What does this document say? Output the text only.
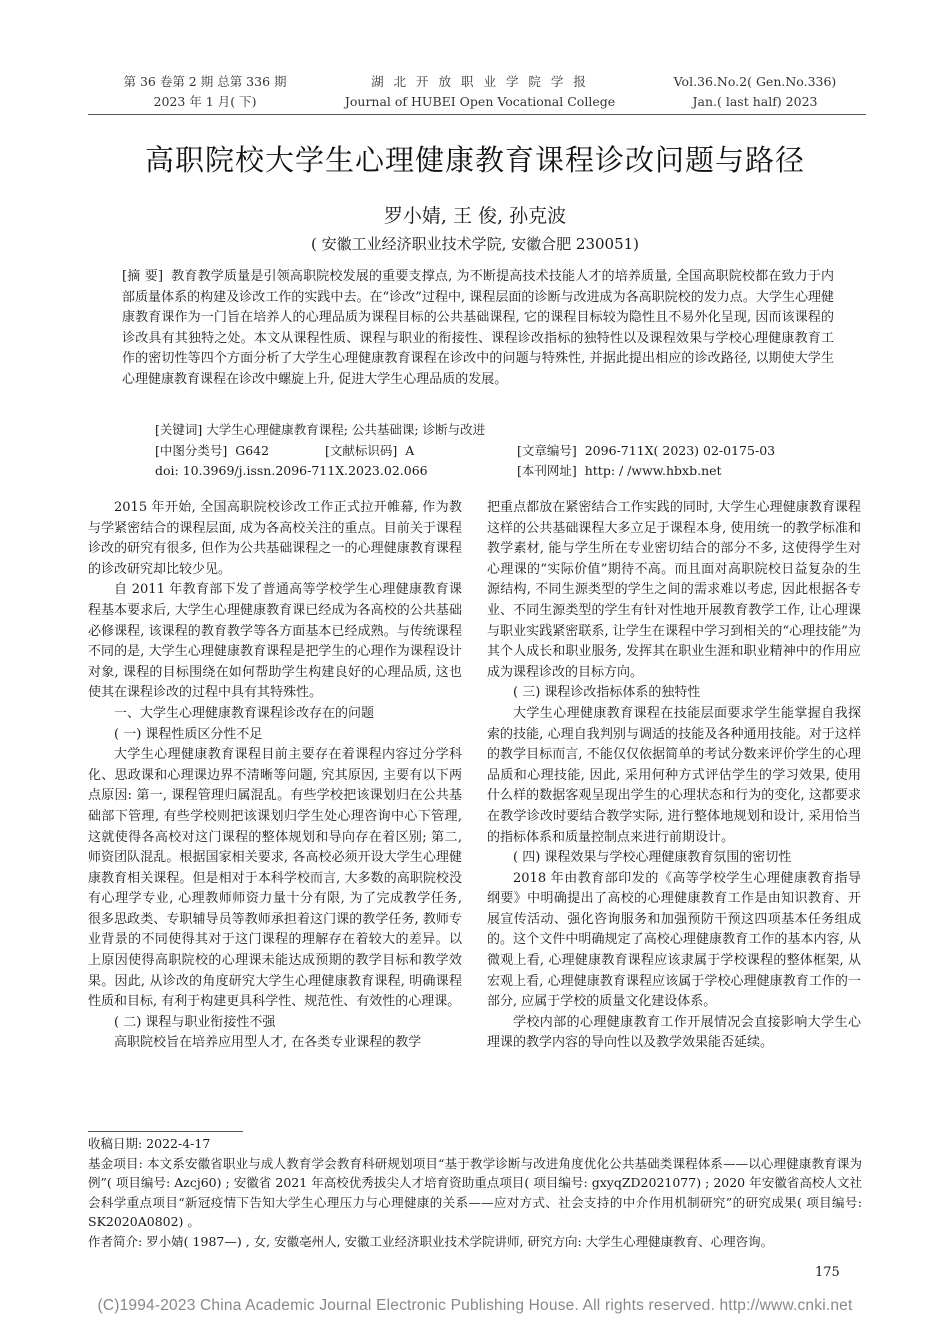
第 36 卷第 2 期 总第 336 期
2023 年 1 月( 下)
湖 北 开 放 职 业 学 院 学 报
Journal of HUBEI Open Vocational College
Vol.36.No.2( Gen.No.336)
Jan.( last half) 2023
高职院校大学生心理健康教育课程诊改问题与路径
罗小婧, 王 俊, 孙克波
( 安徽工业经济职业技术学院, 安徽合肥 230051)
[摘 要] 教育教学质量是引领高职院校发展的重要支撑点, 为不断提高技术技能人才的培养质量, 全国高职院校都在致力于内部质量体系的构建及诊改工作的实践中去。在“诊改”过程中, 课程层面的诊断与改进成为各高职院校的发力点。大学生心理健康教育课作为一门旨在培养人的心理品质为课程目标的公共基础课程, 它的课程目标较为隐性且不易外化呈现, 因而该课程的诊改具有其独特之处。本文从课程性质、课程与职业的衔接性、课程诊改指标的独特性以及课程效果与学校心理健康教育工作的密切性等四个方面分析了大学生心理健康教育课程在诊改中的问题与特殊性, 并据此提出相应的诊改路径, 以期使大学生心理健康教育课程在诊改中螺旋上升, 促进大学生心理品质的发展。
[关键词] 大学生心理健康教育课程; 公共基础课; 诊断与改进
[中图分类号] G642	[文献标识码] A	[文章编号] 2096-711X( 2023) 02-0175-03
doi: 10.3969/j.issn.2096-711X.2023.02.066	[本刊网址] http: / /www.hbxb.net

2015 年开始, 全国高职院校诊改工作正式拉开帷幕, 作为教与学紧密结合的课程层面, 成为各高校关注的重点。目前关于课程诊改的研究有很多, 但作为公共基础课程之一的心理健康教育课程的诊改研究却比较少见。

自 2011 年教育部下发了普通高等学校学生心理健康教育课程基本要求后, 大学生心理健康教育课已经成为各高校的公共基础必修课程, 该课程的教育教学等各方面基本已经成熟。与传统课程不同的是, 大学生心理健康教育课程是把学生的心理作为课程设计对象, 课程的目标围绕在如何帮助学生构建良好的心理品质, 这也使其在课程诊改的过程中具有其特殊性。

一、大学生心理健康教育课程诊改存在的问题

( 一) 课程性质区分性不足

大学生心理健康教育课程目前主要存在着课程内容过分学科化、思政课和心理课边界不清晰等问题, 究其原因, 主要有以下两点原因: 第一, 课程管理归属混乱。有些学校把该课划归在公共基础部下管理, 有些学校则把该课划归学生处心理咨询中心下管理, 这就使得各高校对这门课程的整体规划和导向存在着区别; 第二, 师资团队混乱。根据国家相关要求, 各高校必须开设大学生心理健康教育相关课程。但是相对于本科学校而言, 大多数的高职院校没有心理学专业, 心理教师师资力量十分有限, 为了完成教学任务, 很多思政类、专职辅导员等教师承担着这门课的教学任务, 教师专业背景的不同使得其对于这门课程的理解存在着较大的差异。以上原因使得高职院校的心理课未能达成预期的教学目标和教学效果。因此, 从诊改的角度研究大学生心理健康教育课程, 明确课程性质和目标, 有利于构建更具科学性、规范性、有效性的心理课。

( 二) 课程与职业衔接性不强

高职院校旨在培养应用型人才, 在各类专业课程的教学

把重点都放在紧密结合工作实践的同时, 大学生心理健康教育课程这样的公共基础课程大多立足于课程本身, 使用统一的教学标准和教学素材, 能与学生所在专业密切结合的部分不多, 这使得学生对心理课的“实际价值”期待不高。而且面对高职院校日益复杂的生源结构, 不同生源类型的学生之间的需求难以考虑, 因此根据各专业、不同生源类型的学生有针对性地开展教育教学工作, 让心理课与职业实践紧密联系, 让学生在课程中学习到相关的“心理技能”为其个人成长和职业服务, 发挥其在职业生涯和职业精神中的作用应成为课程诊改的目标方向。

( 三) 课程诊改指标体系的独特性

大学生心理健康教育课程在技能层面要求学生能掌握自我探索的技能, 心理自我判别与调适的技能及各种通用技能。对于这样的教学目标而言, 不能仅仅依据简单的考试分数来评价学生的心理品质和心理技能, 因此, 采用何种方式评估学生的学习效果, 使用什么样的数据客观呈现出学生的心理状态和行为的变化, 这都要求在教学诊改时要结合教学实际, 进行整体地规划和设计, 采用恰当的指标体系和质量控制点来进行前期设计。

( 四) 课程效果与学校心理健康教育氛围的密切性

2018 年由教育部印发的《高等学校学生心理健康教育指导纲要》中明确提出了高校的心理健康教育工作是由知识教育、开展宣传活动、强化咨询服务和加强预防干预这四项基本任务组成的。这个文件中明确规定了高校心理健康教育工作的基本内容, 从微观上看, 心理健康教育课程应该隶属于学校课程的整体框架, 从宏观上看, 心理健康教育课程应该属于学校心理健康教育工作的一部分, 应属于学校的质量文化建设体系。

学校内部的心理健康教育工作开展情况会直接影响大学生心理课的教学内容的导向性以及教学效果能否延续。

收稿日期: 2022-4-17

基金项目: 本文系安徽省职业与成人教育学会教育科研规划项目“基于教学诊断与改进角度优化公共基础类课程体系——以心理健康教育课为例”( 项目编号: Azcj60) ; 安徽省 2021 年高校优秀拔尖人才培育资助重点项目( 项目编号: gxyqZD2021077) ; 2020 年安徽省高校人文社会科学重点项目“新冠疫情下告知大学生心理压力与心理健康的关系——应对方式、社会支持的中介作用机制研究”的研究成果( 项目编号: SK2020A0802) 。

作者简介: 罗小婧( 1987—) , 女, 安徽亳州人, 安徽工业经济职业技术学院讲师, 研究方向: 大学生心理健康教育、心理咨询。

175
(C)1994-2023 China Academic Journal Electronic Publishing House. All rights reserved. http://www.cnki.net
